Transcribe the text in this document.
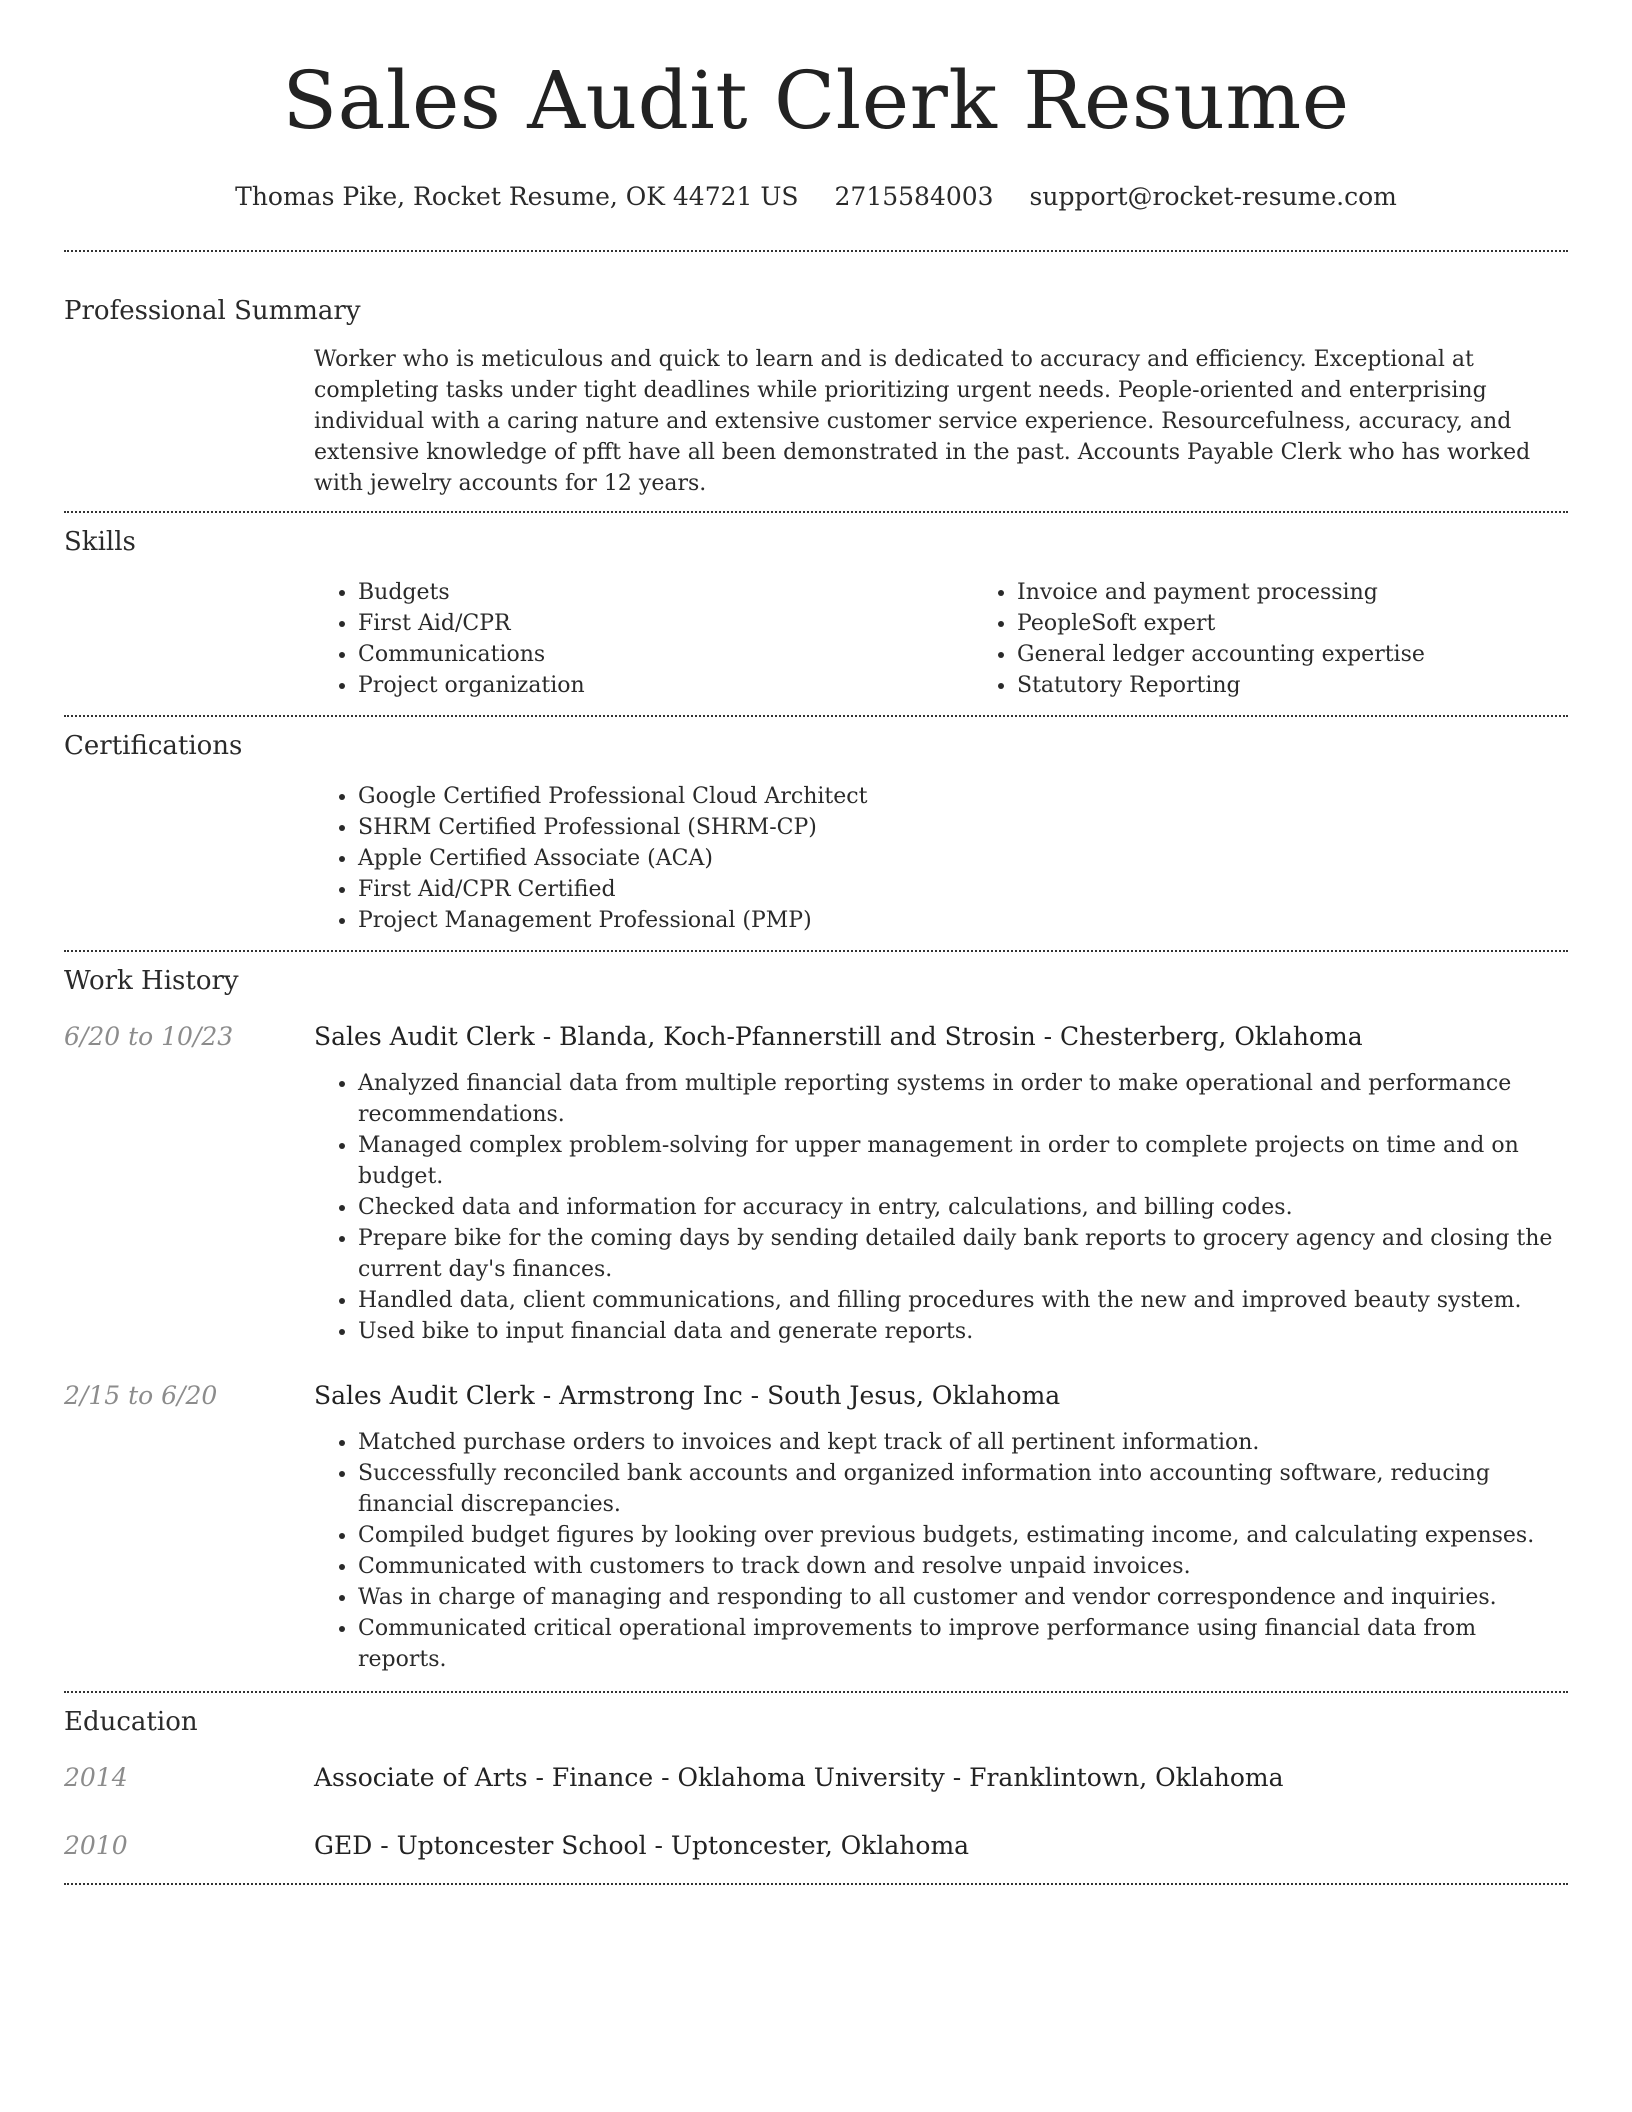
Sales Audit Clerk Resume
Thomas Pike, Rocket Resume, OK 44721 US 2715584003 support@rocket-resume.com
Professional Summary

Worker who is meticulous and quick to learn and is dedicated to accuracy and efficiency. Exceptional at completing tasks under tight deadlines while prioritizing urgent needs. People-oriented and enterprising individual with a caring nature and extensive customer service experience. Resourcefulness, accuracy, and extensive knowledge of pfft have all been demonstrated in the past. Accounts Payable Clerk who has worked with jewelry accounts for 12 years.

Skills
• Budgets
• First Aid/CPR
• Communications
• Project organization
• Invoice and payment processing
• PeopleSoft expert
• General ledger accounting expertise
• Statutory Reporting
Certifications
• Google Certified Professional Cloud Architect
• SHRM Certified Professional (SHRM-CP)
• Apple Certified Associate (ACA)
• First Aid/CPR Certified
• Project Management Professional (PMP)
Work History
6/20 to 10/23	Sales Audit Clerk - Blanda, Koch-Pfannerstill and Strosin - Chesterberg, Oklahoma
• Analyzed financial data from multiple reporting systems in order to make operational and performance recommendations.
• Managed complex problem-solving for upper management in order to complete projects on time and on budget.
• Checked data and information for accuracy in entry, calculations, and billing codes.
• Prepare bike for the coming days by sending detailed daily bank reports to grocery agency and closing the current day's finances.
• Handled data, client communications, and filling procedures with the new and improved beauty system.
• Used bike to input financial data and generate reports.
2/15 to 6/20	Sales Audit Clerk - Armstrong Inc - South Jesus, Oklahoma
• Matched purchase orders to invoices and kept track of all pertinent information.
• Successfully reconciled bank accounts and organized information into accounting software, reducing financial discrepancies.
• Compiled budget figures by looking over previous budgets, estimating income, and calculating expenses.
• Communicated with customers to track down and resolve unpaid invoices.
• Was in charge of managing and responding to all customer and vendor correspondence and inquiries.
• Communicated critical operational improvements to improve performance using financial data from reports.
Education
2014	Associate of Arts - Finance - Oklahoma University - Franklintown, Oklahoma
2010	GED - Uptoncester School - Uptoncester, Oklahoma
